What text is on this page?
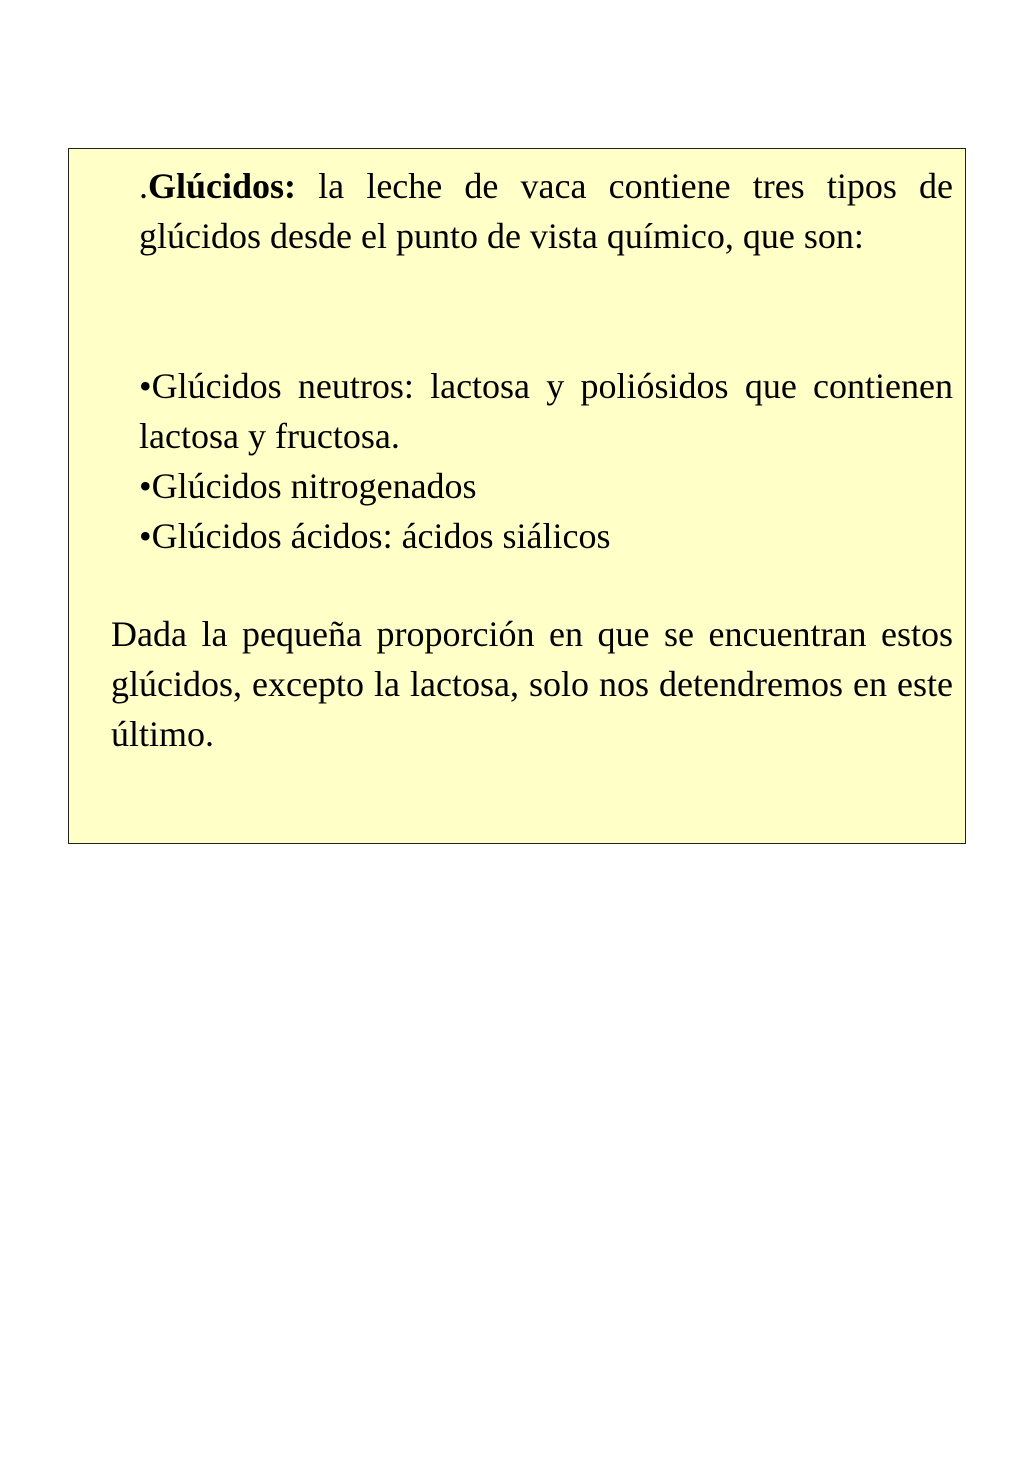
.Glúcidos: la leche de vaca contiene tres tipos de glúcidos desde el punto de vista químico, que son:

•Glúcidos neutros: lactosa y poliósidos que contienen lactosa y fructosa.
•Glúcidos nitrogenados
•Glúcidos ácidos: ácidos siálicos

Dada la pequeña proporción en que se encuentran estos glúcidos, excepto la lactosa, solo nos detendremos en este último.
